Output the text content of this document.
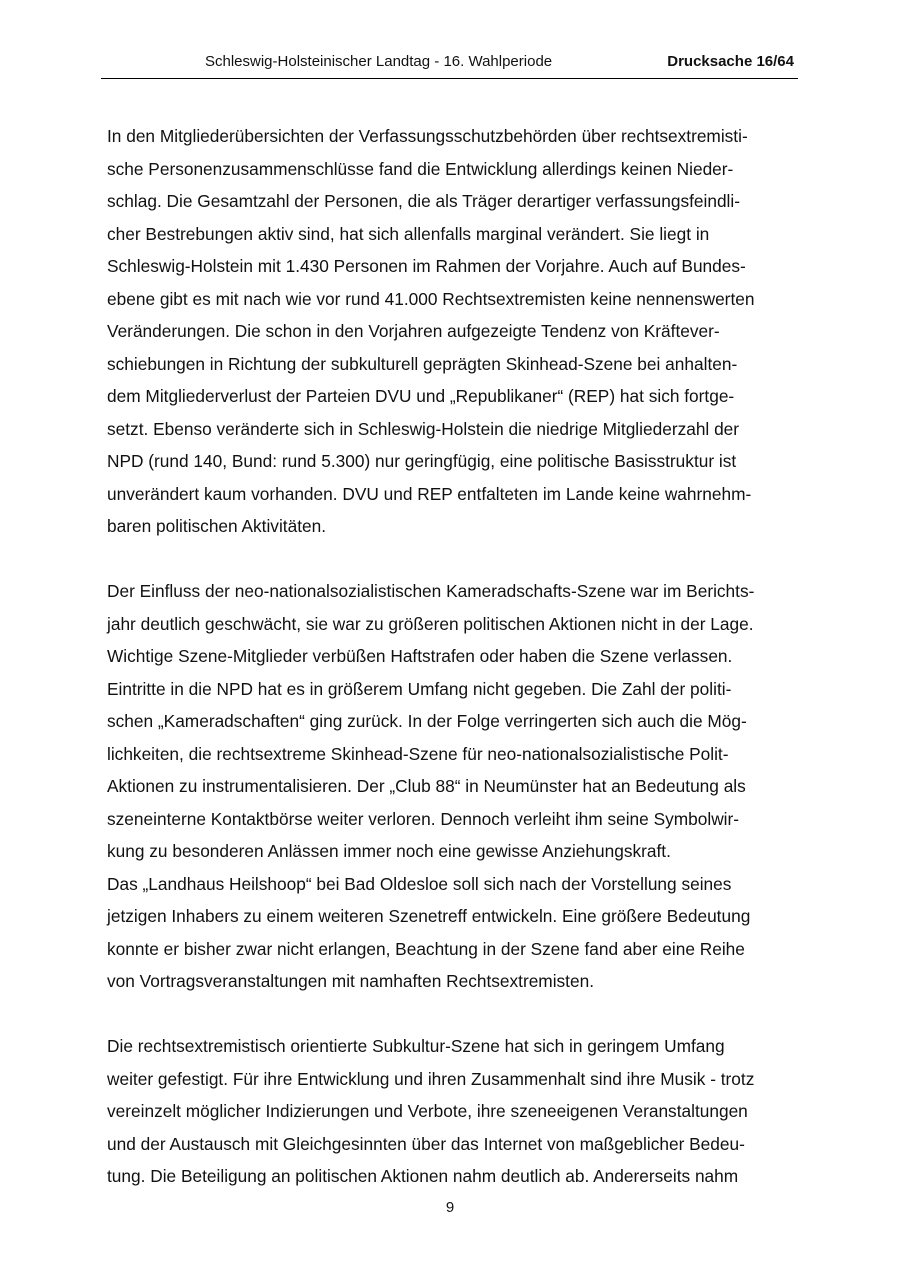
Schleswig-Holsteinischer Landtag - 16. Wahlperiode	Drucksache 16/64
In den Mitgliederübersichten der Verfassungsschutzbehörden über rechtsextremisti-
sche Personenzusammenschlüsse fand die Entwicklung allerdings keinen Nieder-
schlag. Die Gesamtzahl der Personen, die als Träger derartiger verfassungsfeindli-
cher Bestrebungen aktiv sind, hat sich allenfalls marginal verändert. Sie liegt in
Schleswig-Holstein mit 1.430 Personen im Rahmen der Vorjahre. Auch auf Bundes-
ebene gibt es mit nach wie vor rund 41.000 Rechtsextremisten keine nennenswerten
Veränderungen. Die schon in den Vorjahren aufgezeigte Tendenz von Kräftever-
schiebungen in Richtung der subkulturell geprägten Skinhead-Szene bei anhalten-
dem Mitgliederverlust der Parteien DVU und „Republikaner“ (REP) hat sich fortge-
setzt. Ebenso veränderte sich in Schleswig-Holstein die niedrige Mitgliederzahl der
NPD (rund 140, Bund: rund 5.300) nur geringfügig, eine politische Basisstruktur ist
unverändert kaum vorhanden. DVU und REP entfalteten im Lande keine wahrnehm-
baren politischen Aktivitäten.
Der Einfluss der neo-nationalsozialistischen Kameradschafts-Szene war im Berichts-
jahr deutlich geschwächt, sie war zu größeren politischen Aktionen nicht in der Lage.
Wichtige Szene-Mitglieder verbüßen Haftstrafen oder haben die Szene verlassen.
Eintritte in die NPD hat es in größerem Umfang nicht gegeben. Die Zahl der politi-
schen „Kameradschaften“ ging zurück. In der Folge verringerten sich auch die Mög-
lichkeiten, die rechtsextreme Skinhead-Szene für neo-nationalsozialistische Polit-
Aktionen zu instrumentalisieren. Der „Club 88“ in Neumünster hat an Bedeutung als
szeneinterne Kontaktbörse weiter verloren. Dennoch verleiht ihm seine Symbolwir-
kung zu besonderen Anlässen immer noch eine gewisse Anziehungskraft.
Das „Landhaus Heilshoop“ bei Bad Oldesloe soll sich nach der Vorstellung seines
jetzigen Inhabers zu einem weiteren Szenetreff entwickeln. Eine größere Bedeutung
konnte er bisher zwar nicht erlangen, Beachtung in der Szene fand aber eine Reihe
von Vortragsveranstaltungen mit namhaften Rechtsextremisten.
Die rechtsextremistisch orientierte Subkultur-Szene hat sich in geringem Umfang
weiter gefestigt. Für ihre Entwicklung und ihren Zusammenhalt sind ihre Musik - trotz
vereinzelt möglicher Indizierungen und Verbote, ihre szeneeigenen Veranstaltungen
und der Austausch mit Gleichgesinnten über das Internet von maßgeblicher Bedeu-
tung. Die Beteiligung an politischen Aktionen nahm deutlich ab. Andererseits nahm
9
